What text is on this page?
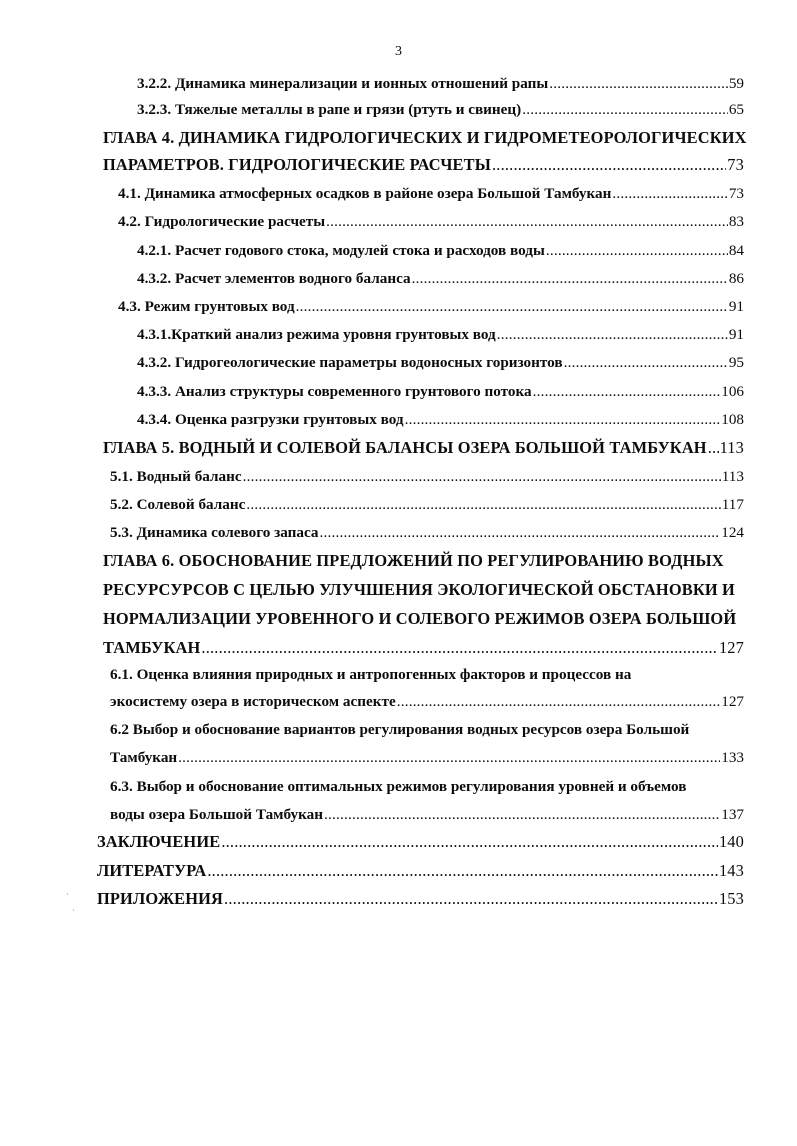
3
3.2.2. Динамика минерализации и ионных отношений рапы .....	59
3.2.3. Тяжелые металлы в рапе и грязи (ртуть и свинец) .....	65
ГЛАВА 4. ДИНАМИКА ГИДРОЛОГИЧЕСКИХ И ГИДРОМЕТЕОРОЛОГИЧЕСКИХ
ПАРАМЕТРОВ. ГИДРОЛОГИЧЕСКИЕ РАСЧЕТЫ .....	73
4.1. Динамика атмосферных осадков в районе озера Большой Тамбукан .....	73
4.2. Гидрологические расчеты .....	83
4.2.1. Расчет годового стока, модулей стока и расходов воды .....	84
4.3.2. Расчет элементов водного баланса .....	86
4.3. Режим грунтовых вод .....	91
4.3.1.Краткий анализ режима уровня грунтовых вод .....	91
4.3.2. Гидрогеологические параметры водоносных горизонтов .....	95
4.3.3. Анализ структуры современного грунтового потока .....	106
4.3.4. Оценка разгрузки грунтовых вод .....	108
ГЛАВА 5. ВОДНЫЙ И СОЛЕВОЙ БАЛАНСЫ ОЗЕРА БОЛЬШОЙ ТАМБУКАН ..... 113
5.1. Водный баланс .....	113
5.2. Солевой баланс .....	117
5.3. Динамика солевого запаса .....	124
ГЛАВА 6. ОБОСНОВАНИЕ ПРЕДЛОЖЕНИЙ ПО РЕГУЛИРОВАНИЮ ВОДНЫХ
РЕСУРСУРСОВ С ЦЕЛЬЮ УЛУЧШЕНИЯ ЭКОЛОГИЧЕСКОЙ ОБСТАНОВКИ И
НОРМАЛИЗАЦИИ УРОВЕННОГО И СОЛЕВОГО РЕЖИМОВ ОЗЕРА БОЛЬШОЙ
ТАМБУКАН .....	127
6.1. Оценка влияния природных и антропогенных факторов и процессов на
экосистему озера в историческом аспекте .....	127
6.2 Выбор и обоснование вариантов регулирования водных ресурсов озера Большой
Тамбукан .....	133
6.3. Выбор и обоснование оптимальных режимов регулирования уровней и объемов
воды озера Большой Тамбукан .....	137
ЗАКЛЮЧЕНИЕ .....	140
ЛИТЕРАТУРА .....	143
ПРИЛОЖЕНИЯ .....	153
·
·
